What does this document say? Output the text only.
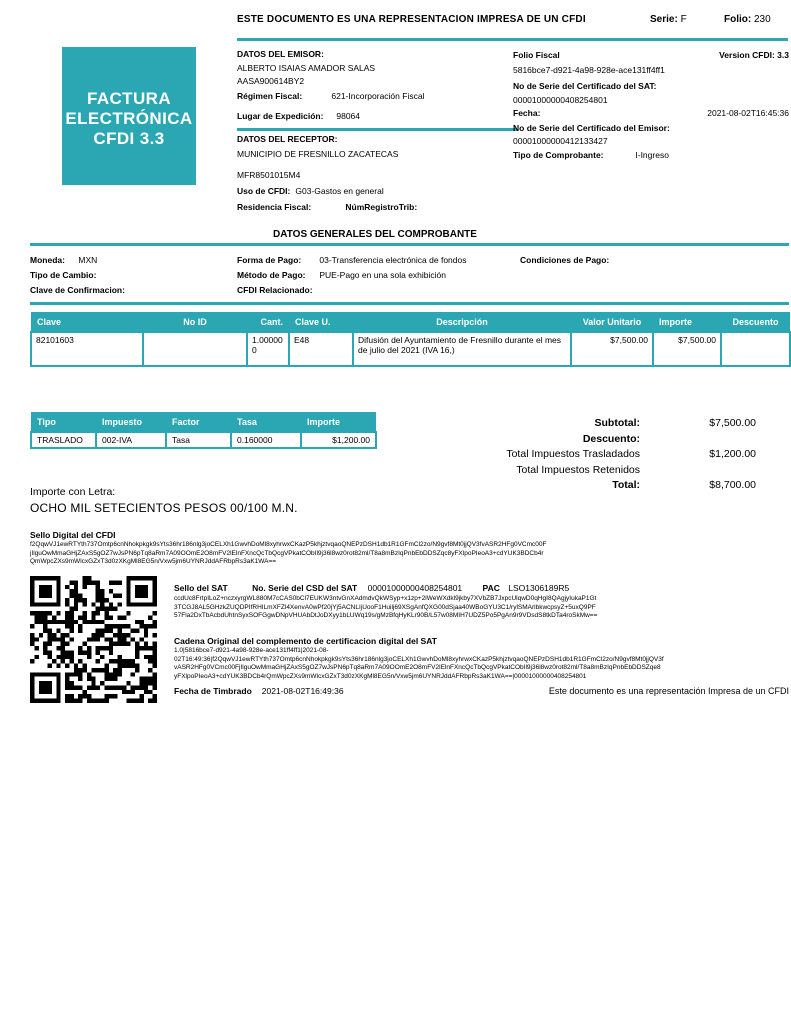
ESTE DOCUMENTO ES UNA REPRESENTACION IMPRESA DE UN CFDI	Serie: F	Folio: 230
FACTURA
ELECTRÓNICA
CFDI 3.3
DATOS DEL EMISOR:
ALBERTO ISAIAS AMADOR SALAS
AASA900614BY2
Régimen Fiscal:	621-Incorporación Fiscal
Lugar de Expedición: 98064
DATOS DEL RECEPTOR:
MUNICIPIO DE FRESNILLO ZACATECAS
MFR8501015M4
Uso de CFDI: G03-Gastos en general
Residencia Fiscal:	NúmRegistroTrib:
Folio Fiscal	Version CFDI: 3.3
5816bce7-d921-4a98-928e-ace131ff4ff1
No de Serie del Certificado del SAT:
00001000000408254801
Fecha:	2021-08-02T16:45:36
No de Serie del Certificado del Emisor:
00001000000412133427
Tipo de Comprobante:	I-Ingreso
DATOS GENERALES DEL COMPROBANTE
Moneda: MXN	Forma de Pago: 03-Transferencia electrónica de fondos	Condiciones de Pago:
Tipo de Cambio:	Método de Pago: PUE-Pago en una sola exhibición
Clave de Confirmacion:	CFDI Relacionado:
Clave	No ID	Cant.	Clave U.	Descripción	Valor Unitario	Importe	Descuento
82101603		1.000000	E48	Difusión del Ayuntamiento de Fresnillo durante el mes de julio del 2021 (IVA 16,)	$7,500.00	$7,500.00	
Tipo	Impuesto	Factor	Tasa	Importe
TRASLADO	002-IVA	Tasa	0.160000	$1,200.00
Subtotal:	$7,500.00
Descuento:
Total Impuestos Trasladados	$1,200.00
Total Impuestos Retenidos
Total:	$8,700.00
Importe con Letra:
OCHO MIL SETECIENTOS PESOS 00/100 M.N.
Sello Digital del CFDI
f2QqwVJ1ewRTYth737Omtp6cnNhokpkgk9sYts36hr186nlg3joCELXh1GwvhDoMl8xyhrwxCKazP5khjztvqaoQNEPzDSH1db1R1GFmCl2zo/N9gvf8Mt0jjQV3fvASR2HFg0VCmc00F
jIlguOwMmaGHjZAxS5gOZ7wJsPN6pTq8aRm7A09OOmE2O8mFV2lElnFXncQcTbQcgVPkatCObIl9j36l8wz0rot82ml/T8a8mBzIqPnbEbDDSZqc8yFXlpoPIeoA3+cdYUK3BDCb4r
QmWpcZXs9mWlcxGZxT3d0zXKgMl8EG5n/Vxw5jm6UYNRJddAFRbpRs3aK1WA==
Sello del SAT	No. Serie del CSD del SAT 00001000000408254801 PAC LSO1306189R5
ccdUc8FrtpILoZ+nczxyrgWL880M7cCAS0bCl7EUKW3ntvGnXAdmdvQkWSyp+x1zp+2lWeWXdkl9jkby7XVbZB7JxpcUlqwD0qHgI8QAgjyIukaP1Gt
3TCGJ8AL5GHzkZUQDPIfRHILmXFZl4XenvA0wPf20jYj5ACNLIjUooF1Huilj69XSgAnfQXG00dSjaa40WBoGYU3C1/rylSMArlbkwcpsyZ+5uxQ9PF
57Fla2DxTbAcbdUhtnSyxSOFGgwDNpVHUAbDtJoDXyy1bLUWq19s/gMzBfqHyKLr90B/L57w08MIH7UDZ5Po5PgAn9r9VDsdS8tkDTa4roSkMw==
Cadena Original del complemento de certificacion digital del SAT
1.0|5816bce7-d921-4a98-928e-ace131ff4ff1|2021-08-
02T16:49:36|f2QqwVJ1ewRTYth737Omtp6cnNhokpkgk9sYts36hr186nlg3joCELXh1GwvhDoMl8xyhrwxCKazP5khjztvqaoQNEPzDSH1db1R1GFmCl2zo/N9gvf8Mt0jjQV3f
vASR2HFg0VCmc00FjIlguOwMmaGHjZAxS5gOZ7wJsPN6pTq8aRm7A09OOmE2O8mFV2lElnFXncQcTbQcgVPkatCObIl9j36l8wz0rot82ml/T8a8mBzIqPnbEbDDSZqe8
yFXlpoPIeoA3+cdYUK3BDCb4rQmWpcZXs9mWlcxGZxT3d0zXKgMl8EG5n/Vxw5jm6UYNRJddAFRbpRs3aK1WA==|00001000000408254801
Fecha de Timbrado 2021-08-02T16:49:36	Este documento es una representación Impresa de un CFDI
